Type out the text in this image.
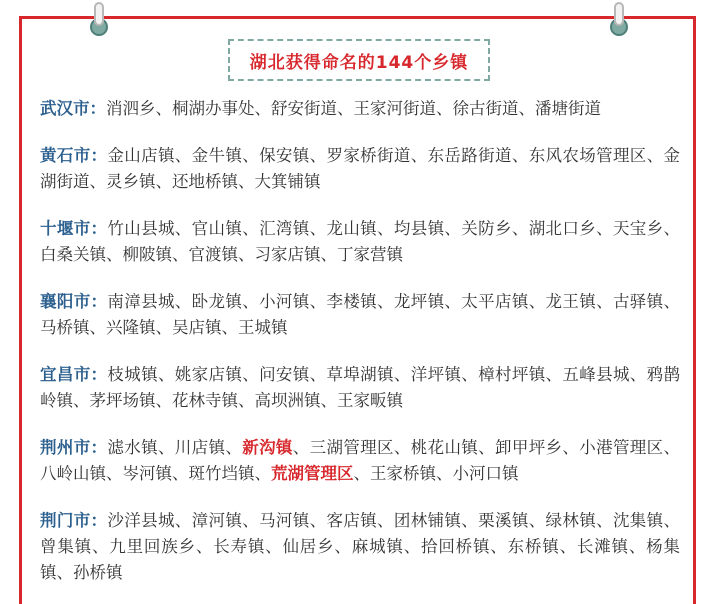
湖北获得命名的144个乡镇

武汉市：消泗乡、桐湖办事处、舒安街道、王家河街道、徐古街道、潘塘街道

黄石市：金山店镇、金牛镇、保安镇、罗家桥街道、东岳路街道、东风农场管理区、金湖街道、灵乡镇、还地桥镇、大箕铺镇

十堰市：竹山县城、官山镇、汇湾镇、龙山镇、均县镇、关防乡、湖北口乡、天宝乡、白桑关镇、柳陂镇、官渡镇、习家店镇、丁家营镇

襄阳市：南漳县城、卧龙镇、小河镇、李楼镇、龙坪镇、太平店镇、龙王镇、古驿镇、马桥镇、兴隆镇、吴店镇、王城镇

宜昌市：枝城镇、姚家店镇、问安镇、草埠湖镇、洋坪镇、樟村坪镇、五峰县城、鸦鹊岭镇、茅坪场镇、花林寺镇、高坝洲镇、王家畈镇

荆州市：滤水镇、川店镇、新沟镇、三湖管理区、桃花山镇、卸甲坪乡、小港管理区、八岭山镇、岑河镇、斑竹垱镇、荒湖管理区、王家桥镇、小河口镇

荆门市：沙洋县城、漳河镇、马河镇、客店镇、团林铺镇、栗溪镇、绿林镇、沈集镇、曾集镇、九里回族乡、长寿镇、仙居乡、麻城镇、拾回桥镇、东桥镇、长滩镇、杨集镇、孙桥镇
